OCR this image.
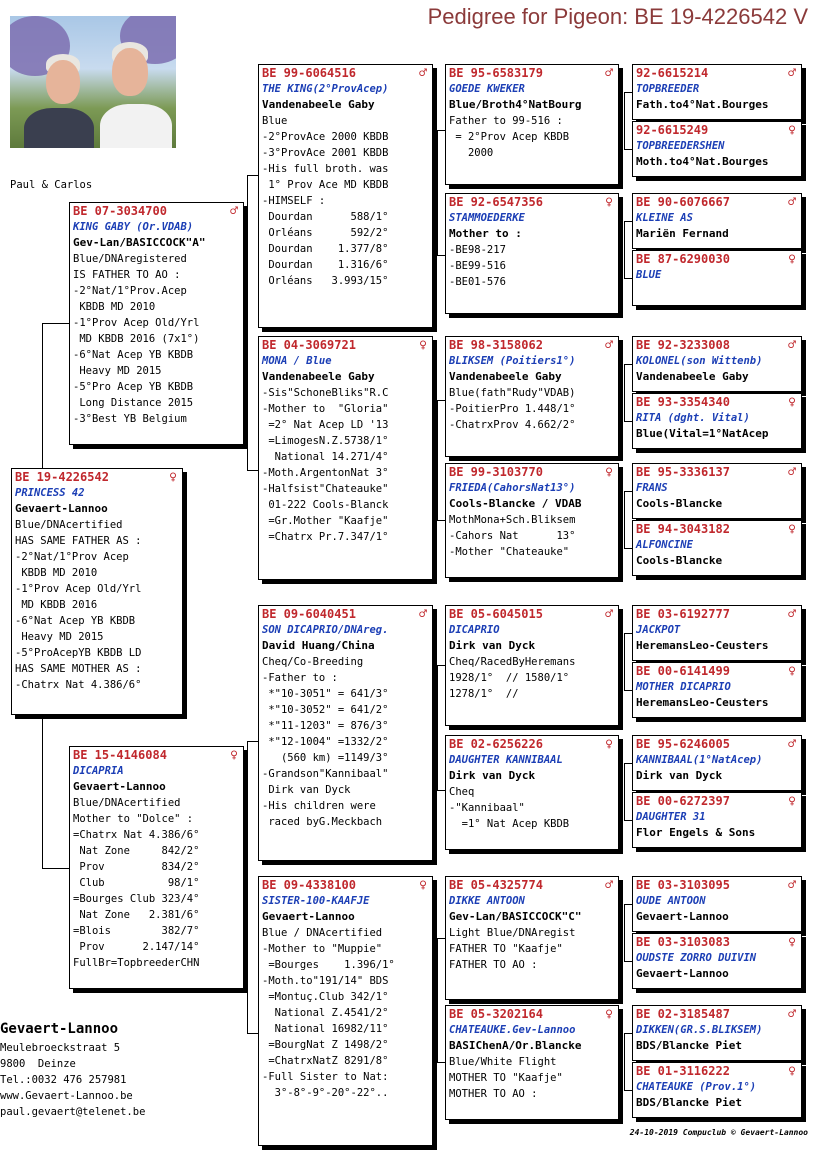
Pedigree for Pigeon: BE 19-4226542 V
Paul & Carlos
Gevaert-Lannoo
Meulebroeckstraat 5
9800  Deinze
Tel.:0032 476 257981
www.Gevaert-Lannoo.be
paul.gevaert@telenet.be
24-10-2019 Compuclub © Gevaert-Lannoo
BE 19-4226542	♀
PRINCESS 42
Gevaert-Lannoo
Blue/DNAcertified
HAS SAME FATHER AS :
-2°Nat/1°Prov Acep
KBDB MD 2010
-1°Prov Acep Old/Yrl
MD KBDB 2016
-6°Nat Acep YB KBDB
Heavy MD 2015
-5°ProAcepYB KBDB LD
HAS SAME MOTHER AS :
-Chatrx Nat 4.386/6°
BE 07-3034700	♂
KING GABY (Or.VDAB)
Gev-Lan/BASICCOCK"A"
Blue/DNAregistered
IS FATHER TO AO :
-2°Nat/1°Prov.Acep
KBDB MD 2010
-1°Prov Acep Old/Yrl
MD KBDB 2016 (7x1°)
-6°Nat Acep YB KBDB
Heavy MD 2015
-5°Pro Acep YB KBDB
Long Distance 2015
-3°Best YB Belgium
BE 15-4146084	♀
DICAPRIA
Gevaert-Lannoo
Blue/DNAcertified
Mother to "Dolce" :
=Chatrx Nat 4.386/6°
Nat Zone     842/2°
Prov         834/2°
Club          98/1°
=Bourges Club 323/4°
Nat Zone   2.381/6°
=Blois        382/7°
Prov      2.147/14°
FullBr=TopbreederCHN
BE 99-6064516	♂
THE KING(2°ProvAcep)
Vandenabeele Gaby
Blue
-2°ProvAce 2000 KBDB
-3°ProvAce 2001 KBDB
-His full broth. was
1° Prov Ace MD KBDB
-HIMSELF :
Dourdan      588/1°
Orléans      592/2°
Dourdan    1.377/8°
Dourdan    1.316/6°
Orléans   3.993/15°
BE 04-3069721	♀
MONA / Blue
Vandenabeele Gaby
-Sis"SchoneBliks"R.C
-Mother to  "Gloria"
=2° Nat Acep LD '13
=LimogesN.Z.5738/1°
National 14.271/4°
-Moth.ArgentonNat 3°
-Halfsist"Chateauke"
01-222 Cools-Blanck
=Gr.Mother "Kaafje"
=Chatrx Pr.7.347/1°
BE 09-6040451	♂
SON DICAPRIO/DNAreg.
David Huang/China
Cheq/Co-Breeding
-Father to :
*"10-3051" = 641/3°
*"10-3052" = 641/2°
*"11-1203" = 876/3°
*"12-1004" =1332/2°
(560 km) =1149/3°
-Grandson"Kannibaal"
Dirk van Dyck
-His children were
raced byG.Meckbach
BE 09-4338100	♀
SISTER-100-KAAFJE
Gevaert-Lannoo
Blue / DNAcertified
-Mother to "Muppie"
=Bourges    1.396/1°
-Moth.to"191/14" BDS
=Montuç.Club 342/1°
National Z.4541/2°
National 16982/11°
=BourgNat Z 1498/2°
=ChatrxNatZ 8291/8°
-Full Sister to Nat:
3°-8°-9°-20°-22°..
BE 95-6583179	♂
GOEDE KWEKER
Blue/Broth4°NatBourg
Father to 99-516 :
= 2°Prov Acep KBDB
2000
BE 92-6547356	♀
STAMMOEDERKE
Mother to :
-BE98-217
-BE99-516
-BE01-576
BE 98-3158062	♂
BLIKSEM (Poitiers1°)
Vandenabeele Gaby
Blue(fath"Rudy"VDAB)
-PoitierPro 1.448/1°
-ChatrxProv 4.662/2°
BE 99-3103770	♀
FRIEDA(CahorsNat13°)
Cools-Blancke / VDAB
MothMona+Sch.Bliksem
-Cahors Nat      13°
-Mother "Chateauke"
BE 05-6045015	♂
DICAPRIO
Dirk van Dyck
Cheq/RacedByHeremans
1928/1°  // 1580/1°
1278/1°  //
BE 02-6256226	♀
DAUGHTER KANNIBAAL
Dirk van Dyck
Cheq
-"Kannibaal"
=1° Nat Acep KBDB
BE 05-4325774	♂
DIKKE ANTOON
Gev-Lan/BASICCOCK"C"
Light Blue/DNAregist
FATHER TO "Kaafje"
FATHER TO AO :
BE 05-3202164	♀
CHATEAUKE.Gev-Lannoo
BASIChenA/Or.Blancke
Blue/White Flight
MOTHER TO "Kaafje"
MOTHER TO AO :
92-6615214	♂
TOPBREEDER
Fath.to4°Nat.Bourges
92-6615249	♀
TOPBREEDERSHEN
Moth.to4°Nat.Bourges
BE 90-6076667	♂
KLEINE AS
Mariën Fernand
BE 87-6290030	♀
BLUE
BE 92-3233008	♂
KOLONEL(son Wittenb)
Vandenabeele Gaby
BE 93-3354340	♀
RITA (dght. Vital)
Blue(Vital=1°NatAcep
BE 95-3336137	♂
FRANS
Cools-Blancke
BE 94-3043182	♀
ALFONCINE
Cools-Blancke
BE 03-6192777	♂
JACKPOT
HeremansLeo-Ceusters
BE 00-6141499	♀
MOTHER DICAPRIO
HeremansLeo-Ceusters
BE 95-6246005	♂
KANNIBAAL(1°NatAcep)
Dirk van Dyck
BE 00-6272397	♀
DAUGHTER 31
Flor Engels & Sons
BE 03-3103095	♂
OUDE ANTOON
Gevaert-Lannoo
BE 03-3103083	♀
OUDSTE ZORRO DUIVIN
Gevaert-Lannoo
BE 02-3185487	♂
DIKKEN(GR.S.BLIKSEM)
BDS/Blancke Piet
BE 01-3116222	♀
CHATEAUKE (Prov.1°)
BDS/Blancke Piet
